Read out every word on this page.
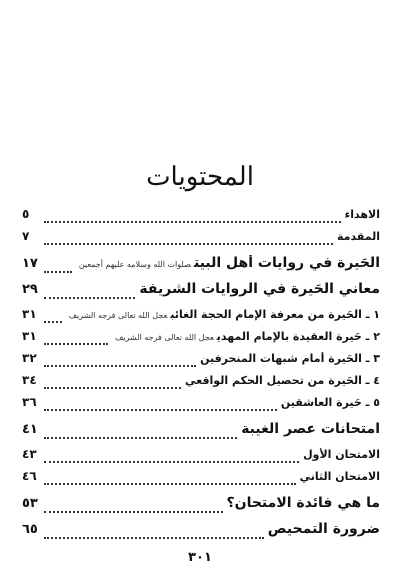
المحتويات
الاهداء
٥
المقدمة
٧
الحَيرة في روايات أهل البيتصلوات الله وسلامه عليهم أجمعين
١٧
معاني الحَيرة في الروايات الشريفة
٢٩
١ ـ الحَيرة من معرفة الإمام الحجة الغائبعجل الله تعالى فرجه الشريف
٣١
٢ ـ حَيرة العقيدة بالإمام المهديعجل الله تعالى فرجه الشريف
٣١
٣ ـ الحَيرة أمام شبهات المنحرفين
٣٢
٤ ـ الحَيرة من تحصيل الحكم الواقعي
٣٤
٥ ـ حَيرة العاشقين
٣٦
امتحانات عصر الغيبة
٤١
الامتحان الأول
٤٣
الامتحان الثاني
٤٦
ما هي فائدة الامتحان؟
٥٣
ضرورة التمحيص
٦٥
٣٠١
